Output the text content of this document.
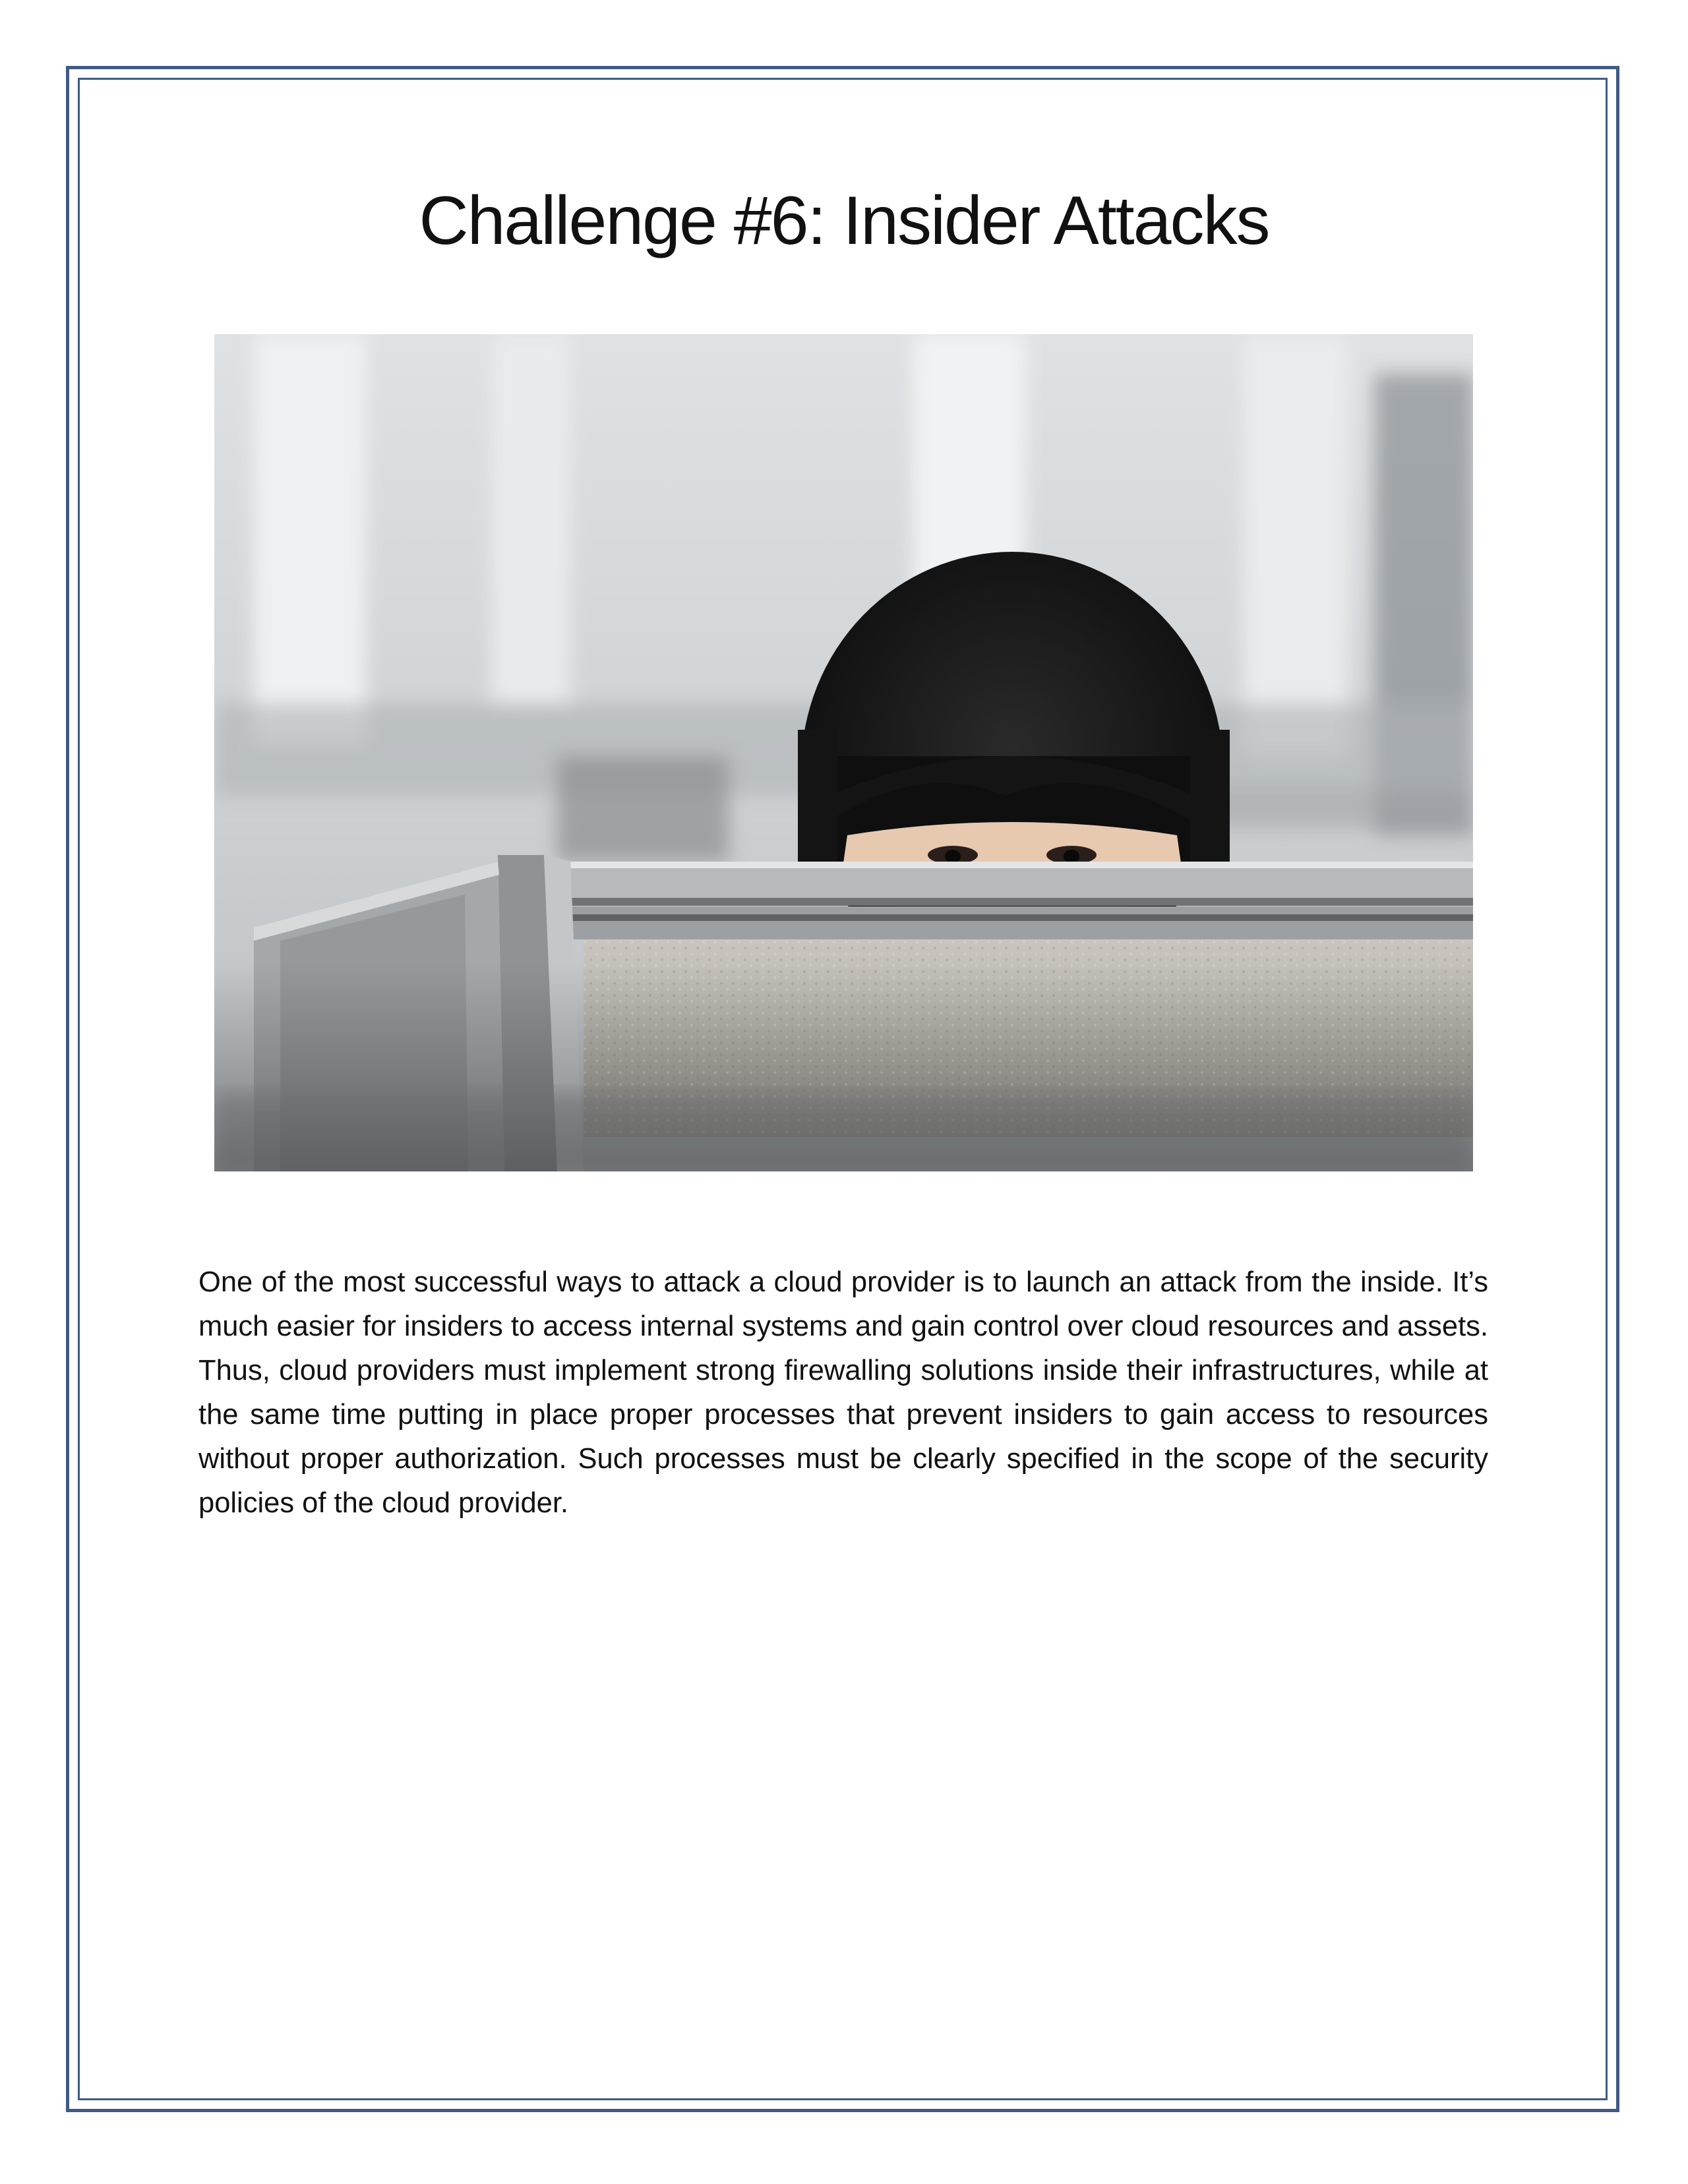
Challenge #6: Insider Attacks

One of the most successful ways to attack a cloud provider is to launch an attack from the inside. It’s much easier for insiders to access internal systems and gain control over cloud resources and assets. Thus, cloud providers must implement strong firewalling solutions inside their infrastructures, while at the same time putting in place proper processes that prevent insiders to gain access to resources without proper authorization. Such processes must be clearly specified in the scope of the security policies of the cloud provider.
